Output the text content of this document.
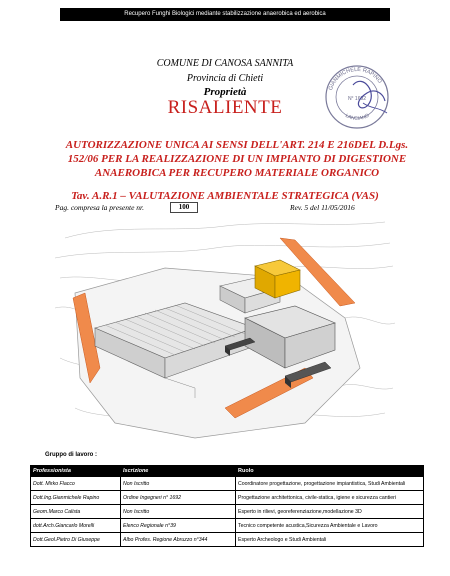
Recupero Funghi Biologici mediante stabilizzazione anaerobica ed aerobica
COMUNE DI CANOSA SANNITA
Provincia di Chieti
Proprietà
RISALIENTE
GIANMICHELE RAPINO
LANCIANO
N° 1692
AUTORIZZAZIONE UNICA AI SENSI DELL'ART. 214 E 216DEL D.Lgs.
152/06 PER LA REALIZZAZIONE DI UN IMPIANTO DI DIGESTIONE
ANAEROBICA PER RECUPERO MATERIALE ORGANICO
Tav. A.R.1 – VALUTAZIONE AMBIENTALE STRATEGICA (VAS)
Pag. compresa la presente nr.	100	Rev. 5 del 11/05/2016
Gruppo di lavoro :
Professionista	Iscrizione	Ruolo
Dott. Mirko Flacco	Non Iscritto	Coordinatore progettazione, progettazione impiantistica, Studi Ambientali
Dott.Ing.Gianmichele Rapino	Ordine Ingegneri n° 1692	Progettazione architettonica, civile-statica, igiene e sicurezza cantieri
Geom.Marco Calista	Non Iscritto	Esperto in rilievi, georeferenziazione,modellazione 3D
dott.Arch.Giancarlo Morelli	Elenco Regionale n°39	Tecnico competente acustica,Sicurezza Ambientale e Lavoro
Dott.Geol.Pietro Di Giuseppe	Albo Profes. Regione Abruzzo n°344	Esperto Archeologo e Studi Ambientali
